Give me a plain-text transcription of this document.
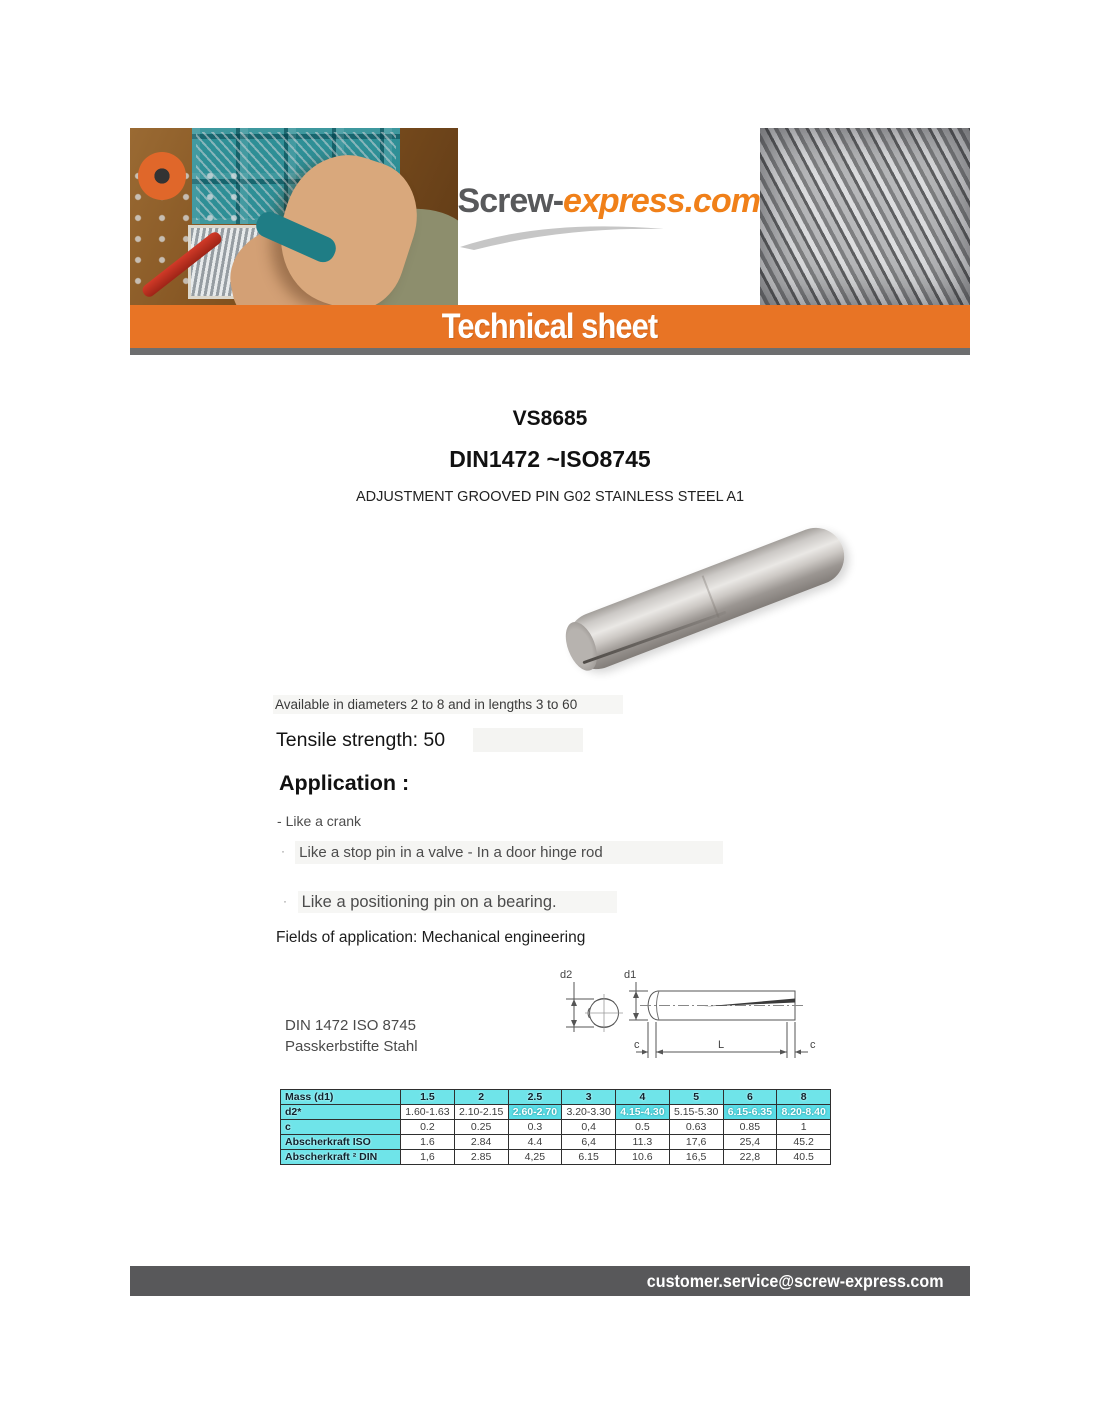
Screw-express.com
Technical sheet
VS8685
DIN1472 ~ISO8745
ADJUSTMENT GROOVED PIN G02 STAINLESS STEEL A1
Available in diameters 2 to 8 and in lengths 3 to 60
Tensile strength: 50
Application :
- Like a crank
· Like a stop pin in a valve - In a door hinge rod
· Like a positioning pin on a bearing.
Fields of application: Mechanical engineering
DIN 1472 ISO 8745
Passkerbstifte Stahl
d2	d1
c	L	c
Mass (d1)	1.5	2	2.5	3	4	5	6	8
d2*	1.60-1.63	2.10-2.15	2.60-2.70	3.20-3.30	4.15-4.30	5.15-5.30	6.15-6.35	8.20-8.40
c	0.2	0.25	0.3	0,4	0.5	0.63	0.85	1
Abscherkraft ISO	1.6	2.84	4.4	6,4	11.3	17,6	25,4	45.2
Abscherkraft ² DIN	1,6	2.85	4,25	6.15	10.6	16,5	22,8	40.5
customer.service@screw-express.com
